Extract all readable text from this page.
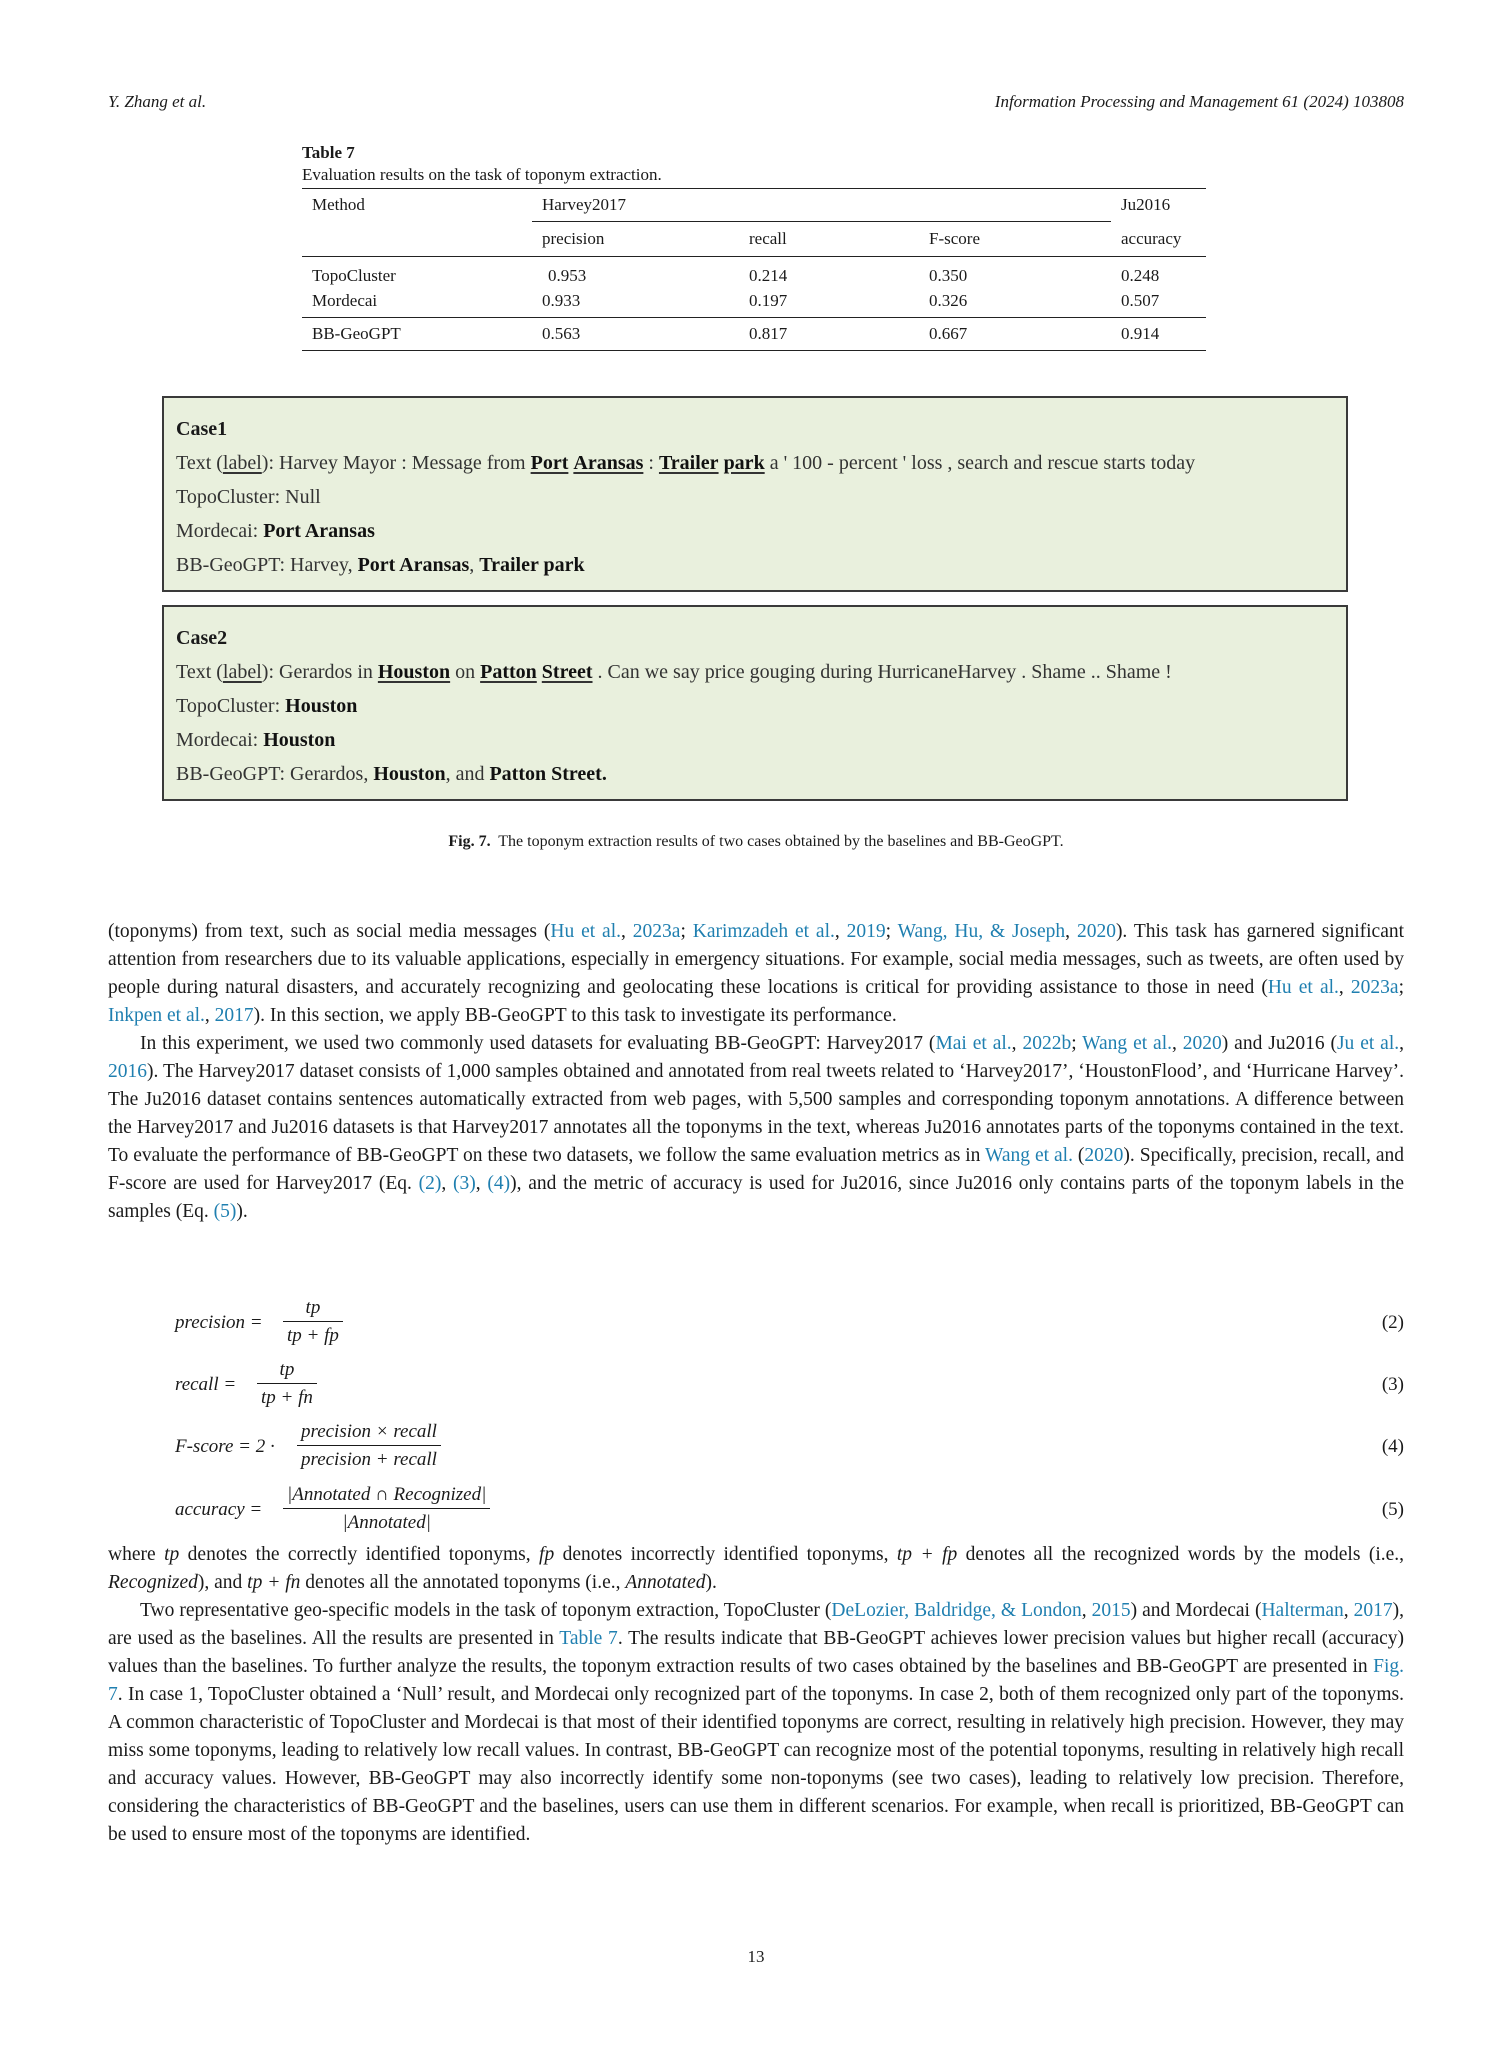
Y. Zhang et al.	Information Processing and Management 61 (2024) 103808
Table 7
Evaluation results on the task of toponym extraction.
Method	Harvey2017			Ju2016
	precision	recall	F-score	accuracy
TopoCluster	0.953	0.214	0.350	0.248
Mordecai	0.933	0.197	0.326	0.507
BB-GeoGPT	0.563	0.817	0.667	0.914
Case1
Text (label): Harvey Mayor : Message from Port Aransas : Trailer park a ' 100 - percent ' loss , search and rescue starts today
TopoCluster: Null
Mordecai: Port Aransas
BB-GeoGPT: Harvey, Port Aransas, Trailer park
Case2
Text (label): Gerardos in Houston on Patton Street . Can we say price gouging during HurricaneHarvey . Shame .. Shame !
TopoCluster: Houston
Mordecai: Houston
BB-GeoGPT: Gerardos, Houston, and Patton Street.
Fig. 7. The toponym extraction results of two cases obtained by the baselines and BB-GeoGPT.

(toponyms) from text, such as social media messages (Hu et al., 2023a; Karimzadeh et al., 2019; Wang, Hu, & Joseph, 2020). This task has garnered significant attention from researchers due to its valuable applications, especially in emergency situations. For example, social media messages, such as tweets, are often used by people during natural disasters, and accurately recognizing and geolocating these locations is critical for providing assistance to those in need (Hu et al., 2023a; Inkpen et al., 2017). In this section, we apply BB-GeoGPT to this task to investigate its performance.

In this experiment, we used two commonly used datasets for evaluating BB-GeoGPT: Harvey2017 (Mai et al., 2022b; Wang et al., 2020) and Ju2016 (Ju et al., 2016). The Harvey2017 dataset consists of 1,000 samples obtained and annotated from real tweets related to ‘Harvey2017’, ‘HoustonFlood’, and ‘Hurricane Harvey’. The Ju2016 dataset contains sentences automatically extracted from web pages, with 5,500 samples and corresponding toponym annotations. A difference between the Harvey2017 and Ju2016 datasets is that Harvey2017 annotates all the toponyms in the text, whereas Ju2016 annotates parts of the toponyms contained in the text. To evaluate the performance of BB-GeoGPT on these two datasets, we follow the same evaluation metrics as in Wang et al. (2020). Specifically, precision, recall, and F-score are used for Harvey2017 (Eq. (2), (3), (4)), and the metric of accuracy is used for Ju2016, since Ju2016 only contains parts of the toponym labels in the samples (Eq. (5)).

precision = $\frac{tp}{tp + fp}$	(2)
recall = $\frac{tp}{tp + fn}$	(3)
F-score = 2 ·
precision × recall
precision + recall
(4)
accuracy =
|Annotated ∩ Recognized|
|Annotated|
(5)

where tp denotes the correctly identified toponyms, fp denotes incorrectly identified toponyms, tp + fp denotes all the recognized words by the models (i.e., Recognized), and tp + fn denotes all the annotated toponyms (i.e., Annotated).

Two representative geo-specific models in the task of toponym extraction, TopoCluster (DeLozier, Baldridge, & London, 2015) and Mordecai (Halterman, 2017), are used as the baselines. All the results are presented in Table 7. The results indicate that BB-GeoGPT achieves lower precision values but higher recall (accuracy) values than the baselines. To further analyze the results, the toponym extraction results of two cases obtained by the baselines and BB-GeoGPT are presented in Fig. 7. In case 1, TopoCluster obtained a ‘Null’ result, and Mordecai only recognized part of the toponyms. In case 2, both of them recognized only part of the toponyms. A common characteristic of TopoCluster and Mordecai is that most of their identified toponyms are correct, resulting in relatively high precision. However, they may miss some toponyms, leading to relatively low recall values. In contrast, BB-GeoGPT can recognize most of the potential toponyms, resulting in relatively high recall and accuracy values. However, BB-GeoGPT may also incorrectly identify some non-toponyms (see two cases), leading to relatively low precision. Therefore, considering the characteristics of BB-GeoGPT and the baselines, users can use them in different scenarios. For example, when recall is prioritized, BB-GeoGPT can be used to ensure most of the toponyms are identified.

13
